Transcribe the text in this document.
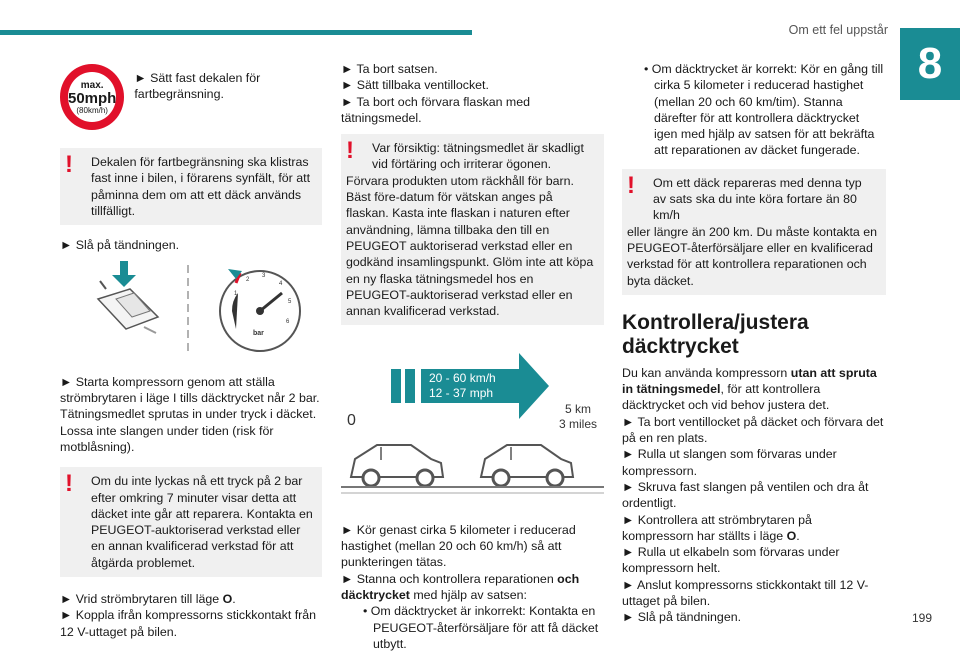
Om ett fel uppstår
8
199
max.
50mph
(80km/h)

► Sätt fast dekalen för fartbegränsning.

!	Dekalen för fartbegränsning ska klistras fast inne i bilen, i förarens synfält, för att påminna dem om att ett däck används tillfälligt.

► Slå på tändningen.

1
2
3
4
5
6
bar

► Starta kompressorn genom att ställa strömbrytaren i läge I tills däcktrycket når 2 bar. Tätningsmedlet sprutas in under tryck i däcket. Lossa inte slangen under tiden (risk för motblåsning).

!	Om du inte lyckas nå ett tryck på 2 bar efter omkring 7 minuter visar detta att däcket inte går att reparera. Kontakta en PEUGEOT-auktoriserad verkstad eller en annan kvalificerad verkstad för att åtgärda problemet.

► Vrid strömbrytaren till läge O.

► Koppla ifrån kompressorns stickkontakt från 12 V-uttaget på bilen.

► Ta bort satsen.

► Sätt tillbaka ventillocket.

► Ta bort och förvara flaskan med tätningsmedel.

!	Var försiktig: tätningsmedlet är skadligt vid förtäring och irriterar ögonen.

Förvara produkten utom räckhåll för barn. Bäst före-datum för vätskan anges på flaskan. Kasta inte flaskan i naturen efter användning, lämna tillbaka den till en PEUGEOT auktoriserad verkstad eller en godkänd insamlingspunkt. Glöm inte att köpa en ny flaska tätningsmedel hos en PEUGEOT-auktoriserad verkstad eller en annan kvalificerad verkstad.

20 - 60 km/h
12 - 37 mph
0
5 km
3 miles

► Kör genast cirka 5 kilometer i reducerad hastighet (mellan 20 och 60 km/h) så att punkteringen tätas.

► Stanna och kontrollera reparationen och däcktrycket med hjälp av satsen:

• Om däcktrycket är inkorrekt: Kontakta en PEUGEOT-återförsäljare för att få däcket utbytt.

• Om däcktrycket är korrekt: Kör en gång till cirka 5 kilometer i reducerad hastighet (mellan 20 och 60 km/tim). Stanna därefter för att kontrollera däcktrycket igen med hjälp av satsen för att bekräfta att reparationen av däcket fungerade.

!	Om ett däck repareras med denna typ av sats ska du inte köra fortare än 80 km/h

eller längre än 200 km. Du måste kontakta en PEUGEOT-återförsäljare eller en kvalificerad verkstad för att kontrollera reparationen och byta däcket.

Kontrollera/justera däcktrycket

Du kan använda kompressorn utan att spruta in tätningsmedel, för att kontrollera däcktrycket och vid behov justera det.

► Ta bort ventillocket på däcket och förvara det på en ren plats.

► Rulla ut slangen som förvaras under kompressorn.

► Skruva fast slangen på ventilen och dra åt ordentligt.

► Kontrollera att strömbrytaren på kompressorn har ställts i läge O.

► Rulla ut elkabeln som förvaras under kompressorn helt.

► Anslut kompressorns stickkontakt till 12 V-uttaget på bilen.

► Slå på tändningen.
